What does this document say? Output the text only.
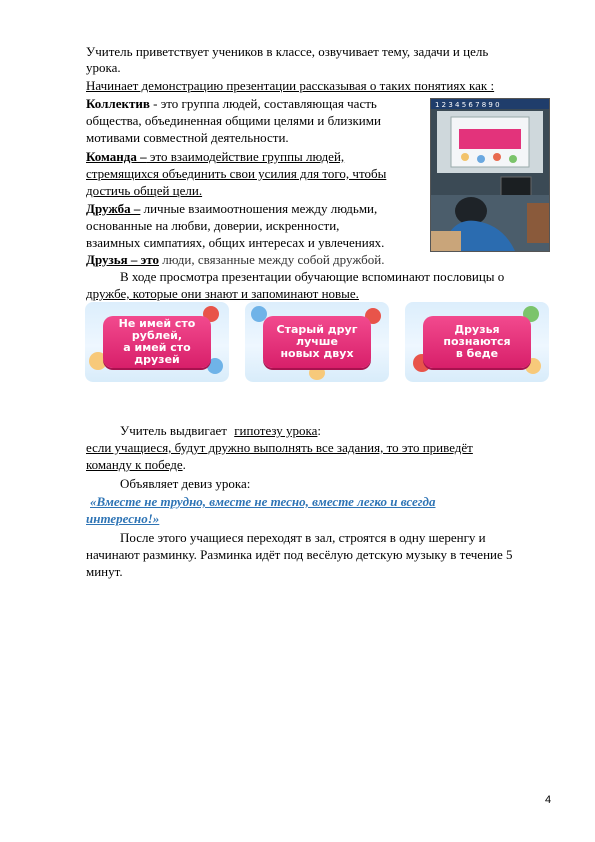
Учитель приветствует учеников в классе, озвучивает тему, задачи и цель
урока.
Начинает демонстрацию презентации рассказывая о таких понятиях как :
Коллектив - это группа людей, составляющая часть
общества, объединенная общими целями и близкими
мотивами совместной деятельности.
Команда – это взаимодействие группы людей,
стремящихся объединить свои усилия для того, чтобы
достичь общей цели.
Дружба – личные взаимоотношения между людьми,
основанные на любви, доверии, искренности,
взаимных симпатиях, общих интересах и увлечениях.
Друзья – это люди, связанные между собой дружбой.
1 2 3 4 5 6 7 8 9 0
В ходе просмотра презентации обучающие вспоминают пословицы о
дружбе, которые они знают и запоминают новые.
Не имей сто
рублей,
а имей сто
друзей
Старый друг
лучше
новых двух
Друзья
познаются
в беде
Учитель выдвигает гипотезу урока:
если учащиеся, будут дружно выполнять все задания, то это приведёт
команду к победе.
Объявляет девиз урока:
«Вместе не трудно, вместе не тесно, вместе легко и всегда
интересно!»
После этого учащиеся переходят в зал, строятся в одну шеренгу и
начинают разминку. Разминка идёт под весёлую детскую музыку в течение 5
минут.
4
